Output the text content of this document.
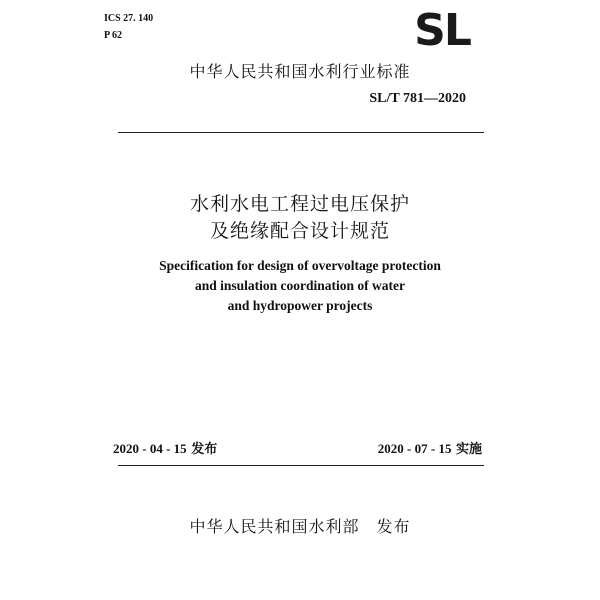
ICS 27. 140
P 62	SL
中华人民共和国水利行业标准
SL/T 781—2020
水利水电工程过电压保护
及绝缘配合设计规范
Specification for design of overvoltage protection
and insulation coordination of water
and hydropower projects
2020 - 04 - 15 发布	2020 - 07 - 15 实施
中华人民共和国水利部　发布
